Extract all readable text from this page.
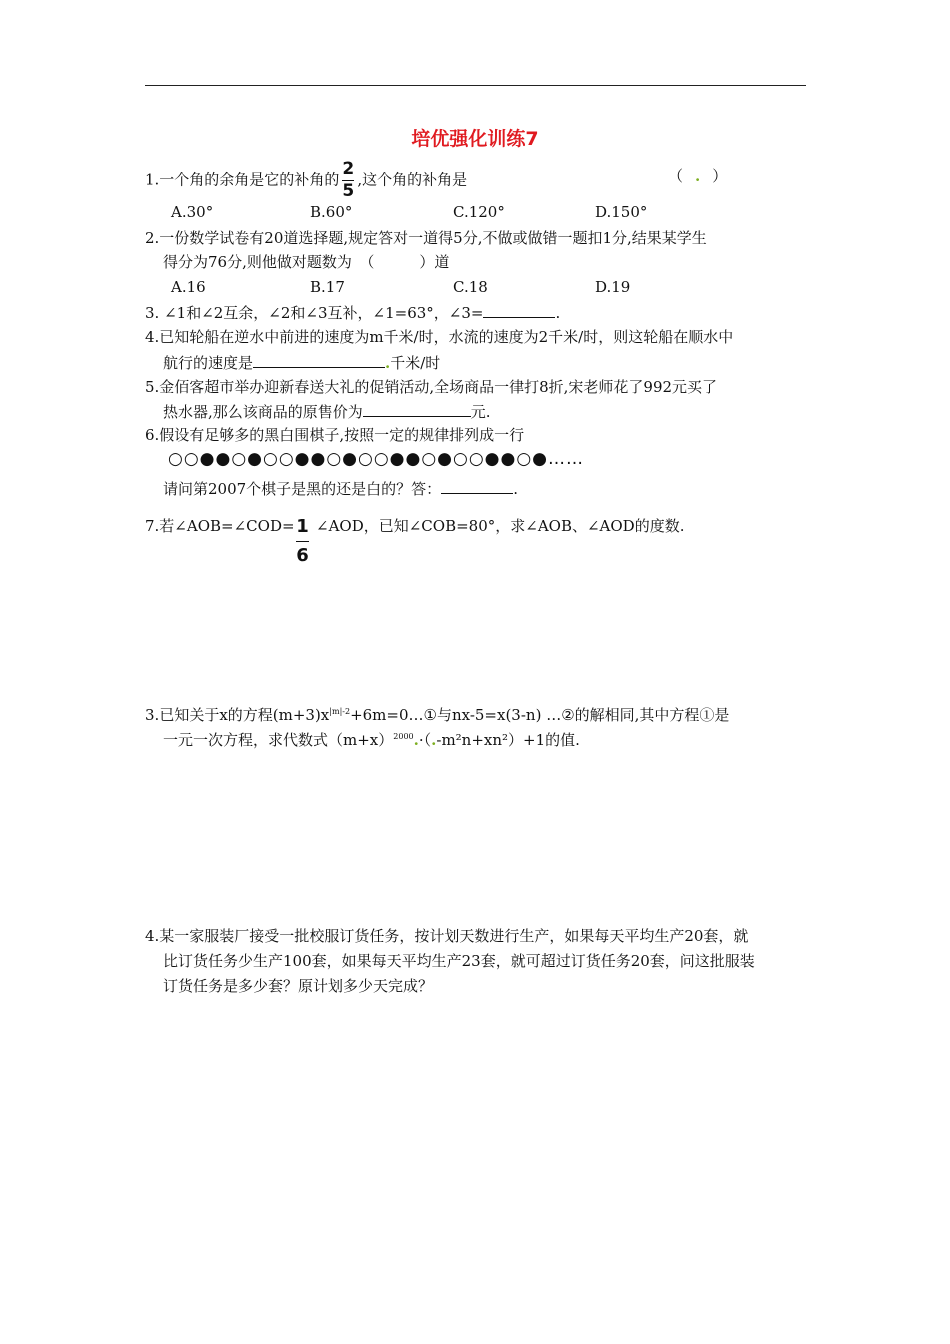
培优强化训练7
1.一个角的余角是它的补角的 $\frac{2}{5}$ ,这个角的补角是	（ . ）
A.30°	B.60°	C.120°	D.150°
2.一份数学试卷有20道选择题,规定答对一道得5分,不做或做错一题扣1分,结果某学生
得分为76分,则他做对题数为　（　　　）道
A.16	B.17	C.18	D.19
3. ∠1和∠2互余，∠2和∠3互补，∠1=63°，∠3=	.
4.已知轮船在逆水中前进的速度为m千米/时，水流的速度为2千米/时，则这轮船在顺水中
航行的速度是	.千米/时
5.金佰客超市举办迎新春送大礼的促销活动,全场商品一律打8折,宋老师花了992元买了
热水器,那么该商品的原售价为	元.
6.假设有足够多的黑白围棋子,按照一定的规律排列成一行
○○●●○●○○●●○●○○●●○●○○●●○●……
请问第2007个棋子是黑的还是白的？答：	.
7.若∠AOB=∠COD= 1
6
∠AOD，已知∠COB=80°，求∠AOB、∠AOD的度数.
3.已知关于x的方程$(m+3)x^{|m|-2}+6m=0\dots ①$与nx-5=x(3-n) …②的解相同,其中方程①是
一元一次方程，求代数式$(m+x)^{2000}.\cdot(.-m^2n+xn^2)+1$的值.
4.某一家服装厂接受一批校服订货任务，按计划天数进行生产，如果每天平均生产20套，就
比订货任务少生产100套，如果每天平均生产23套，就可超过订货任务20套，问这批服装
订货任务是多少套？原计划多少天完成？
